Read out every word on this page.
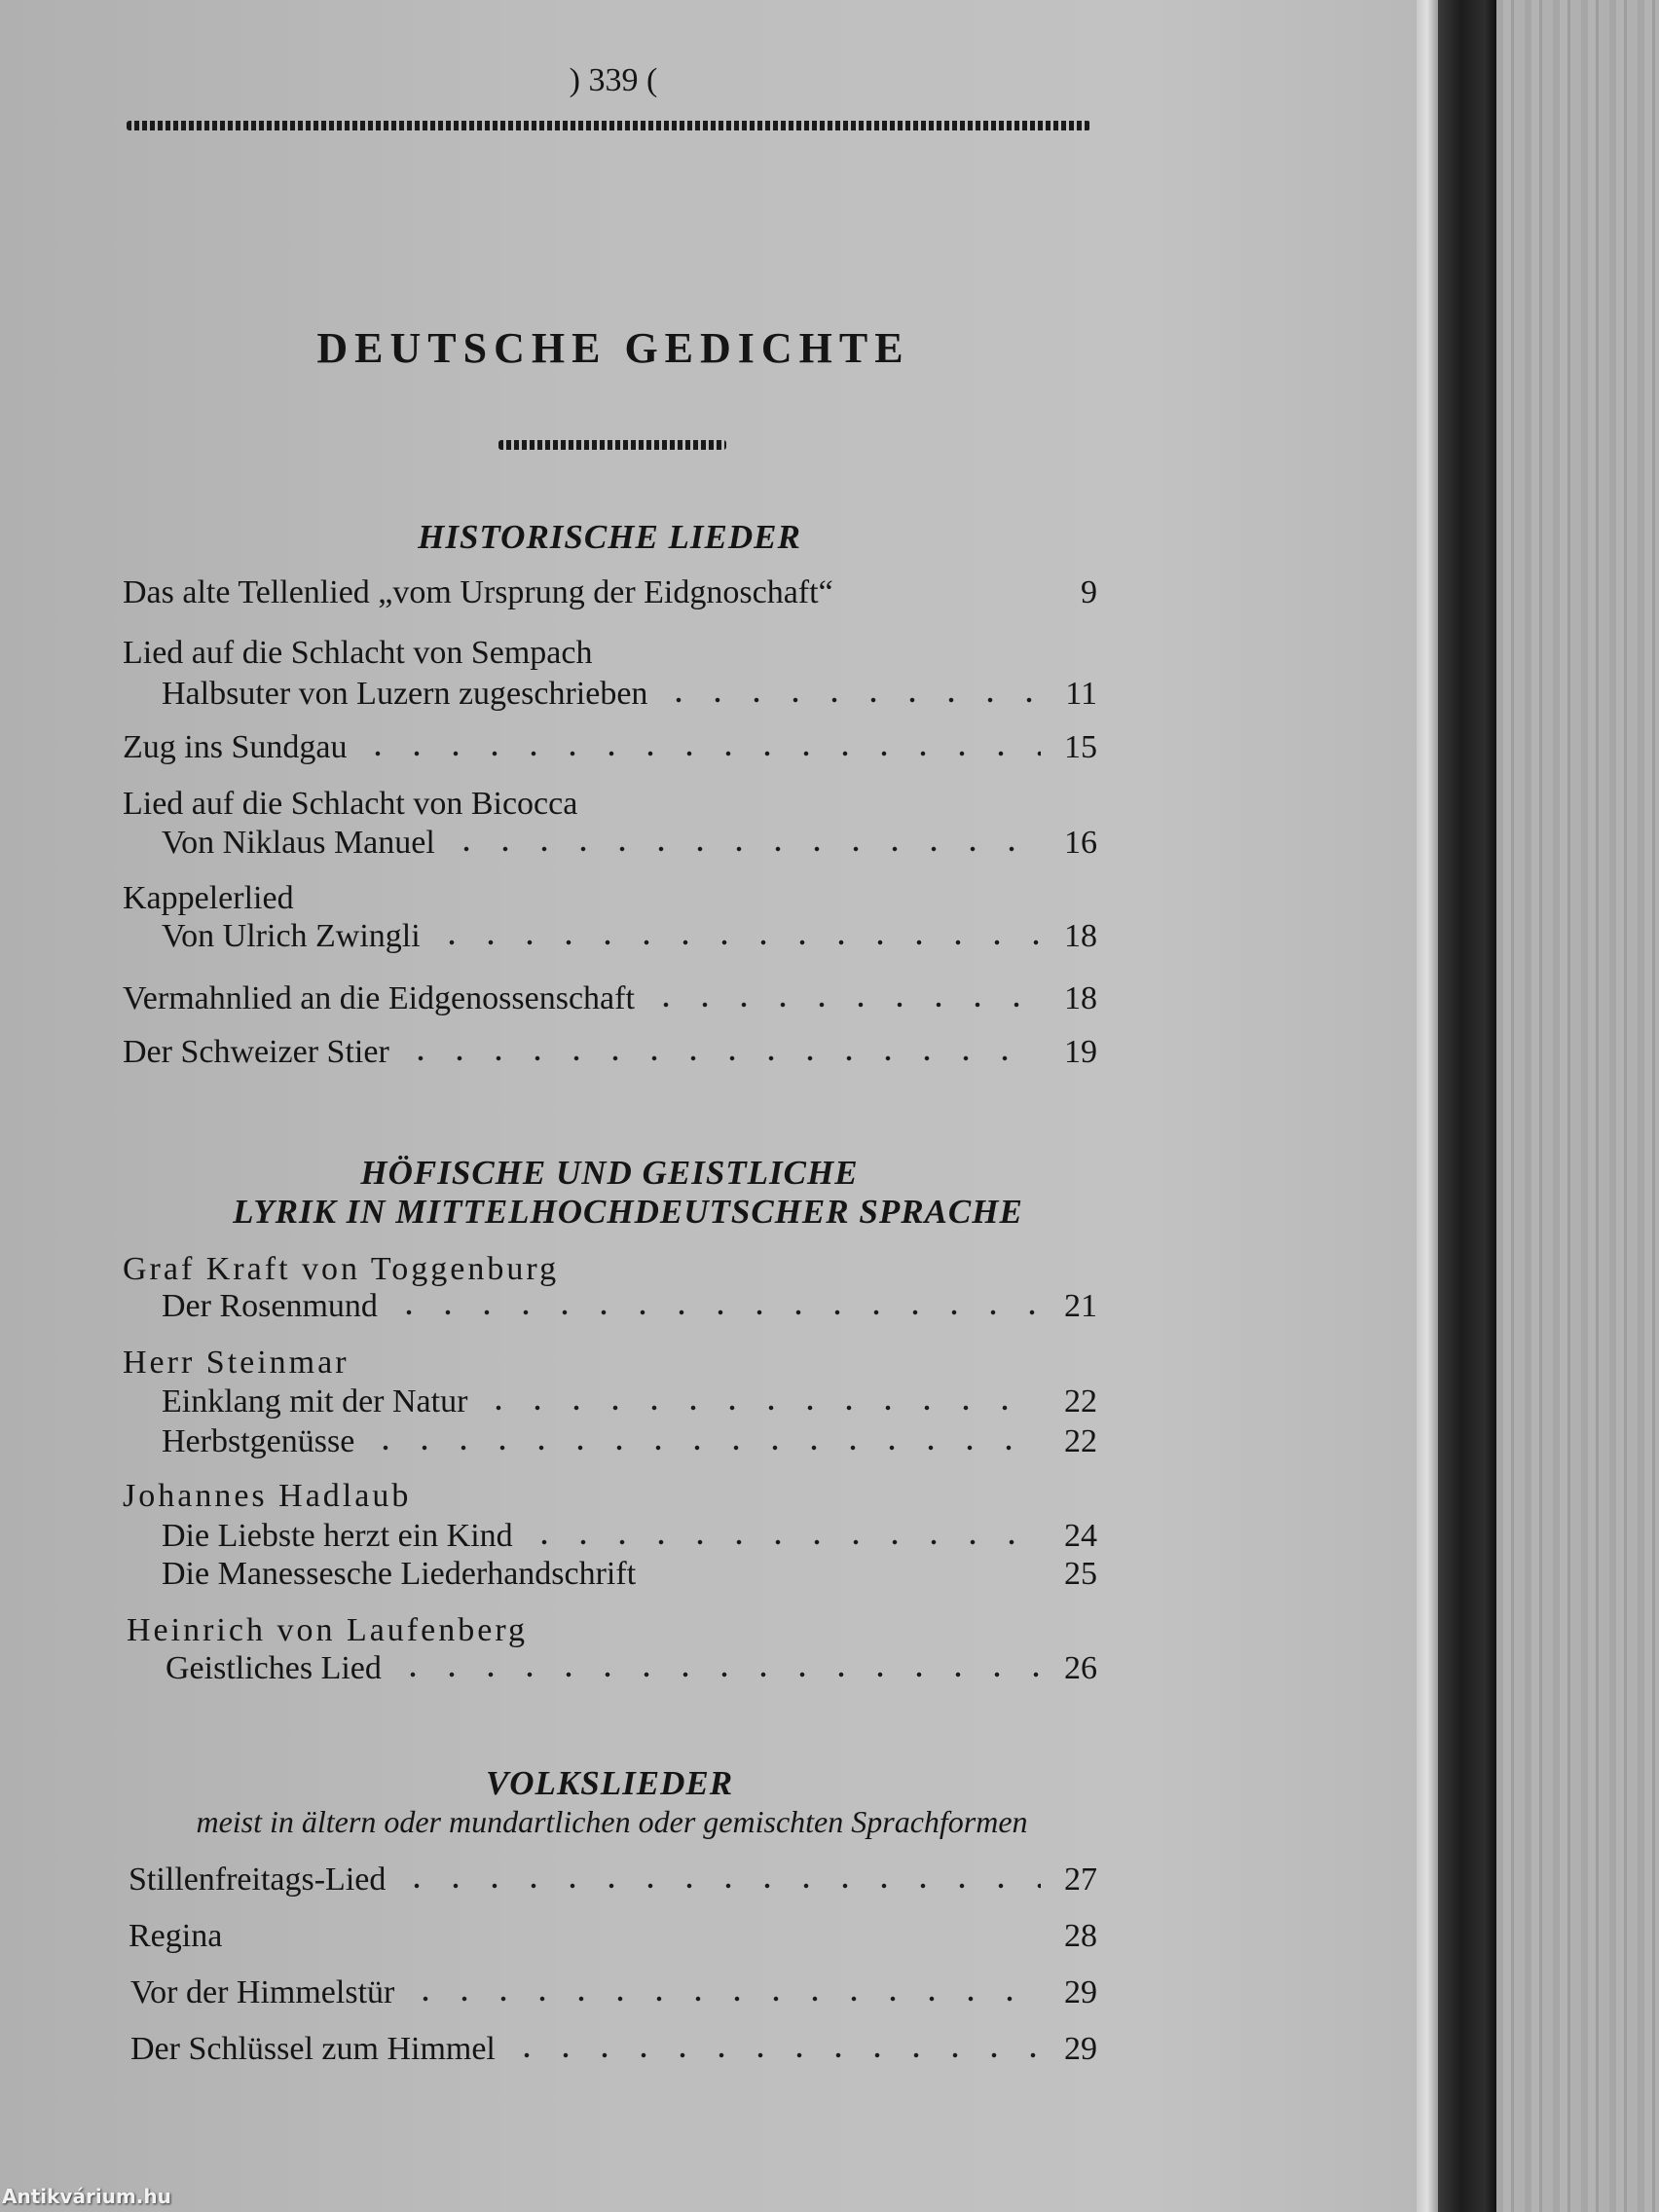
) 339 (
DEUTSCHE GEDICHTE
HISTORISCHE LIEDER
Das alte Tellenlied „vom Ursprung der Eidgnoschaft“	9
Lied auf die Schlacht von Sempach
Halbsuter von Luzern zugeschrieben	11
Zug ins Sundgau	15
Lied auf die Schlacht von Bicocca
Von Niklaus Manuel	16
Kappelerlied
Von Ulrich Zwingli	18
Vermahnlied an die Eidgenossenschaft	18
Der Schweizer Stier	19
HÖFISCHE UND GEISTLICHE
LYRIK IN MITTELHOCHDEUTSCHER SPRACHE
Graf Kraft von Toggenburg
Der Rosenmund	21
Herr Steinmar
Einklang mit der Natur	22
Herbstgenüsse	22
Johannes Hadlaub
Die Liebste herzt ein Kind	24
Die Manessesche Liederhandschrift	25
Heinrich von Laufenberg
Geistliches Lied	26
VOLKSLIEDER
meist in ältern oder mundartlichen oder gemischten Sprachformen
Stillenfreitags-Lied	27
Regina	28
Vor der Himmelstür	29
Der Schlüssel zum Himmel	29
Antikvárium.hu
